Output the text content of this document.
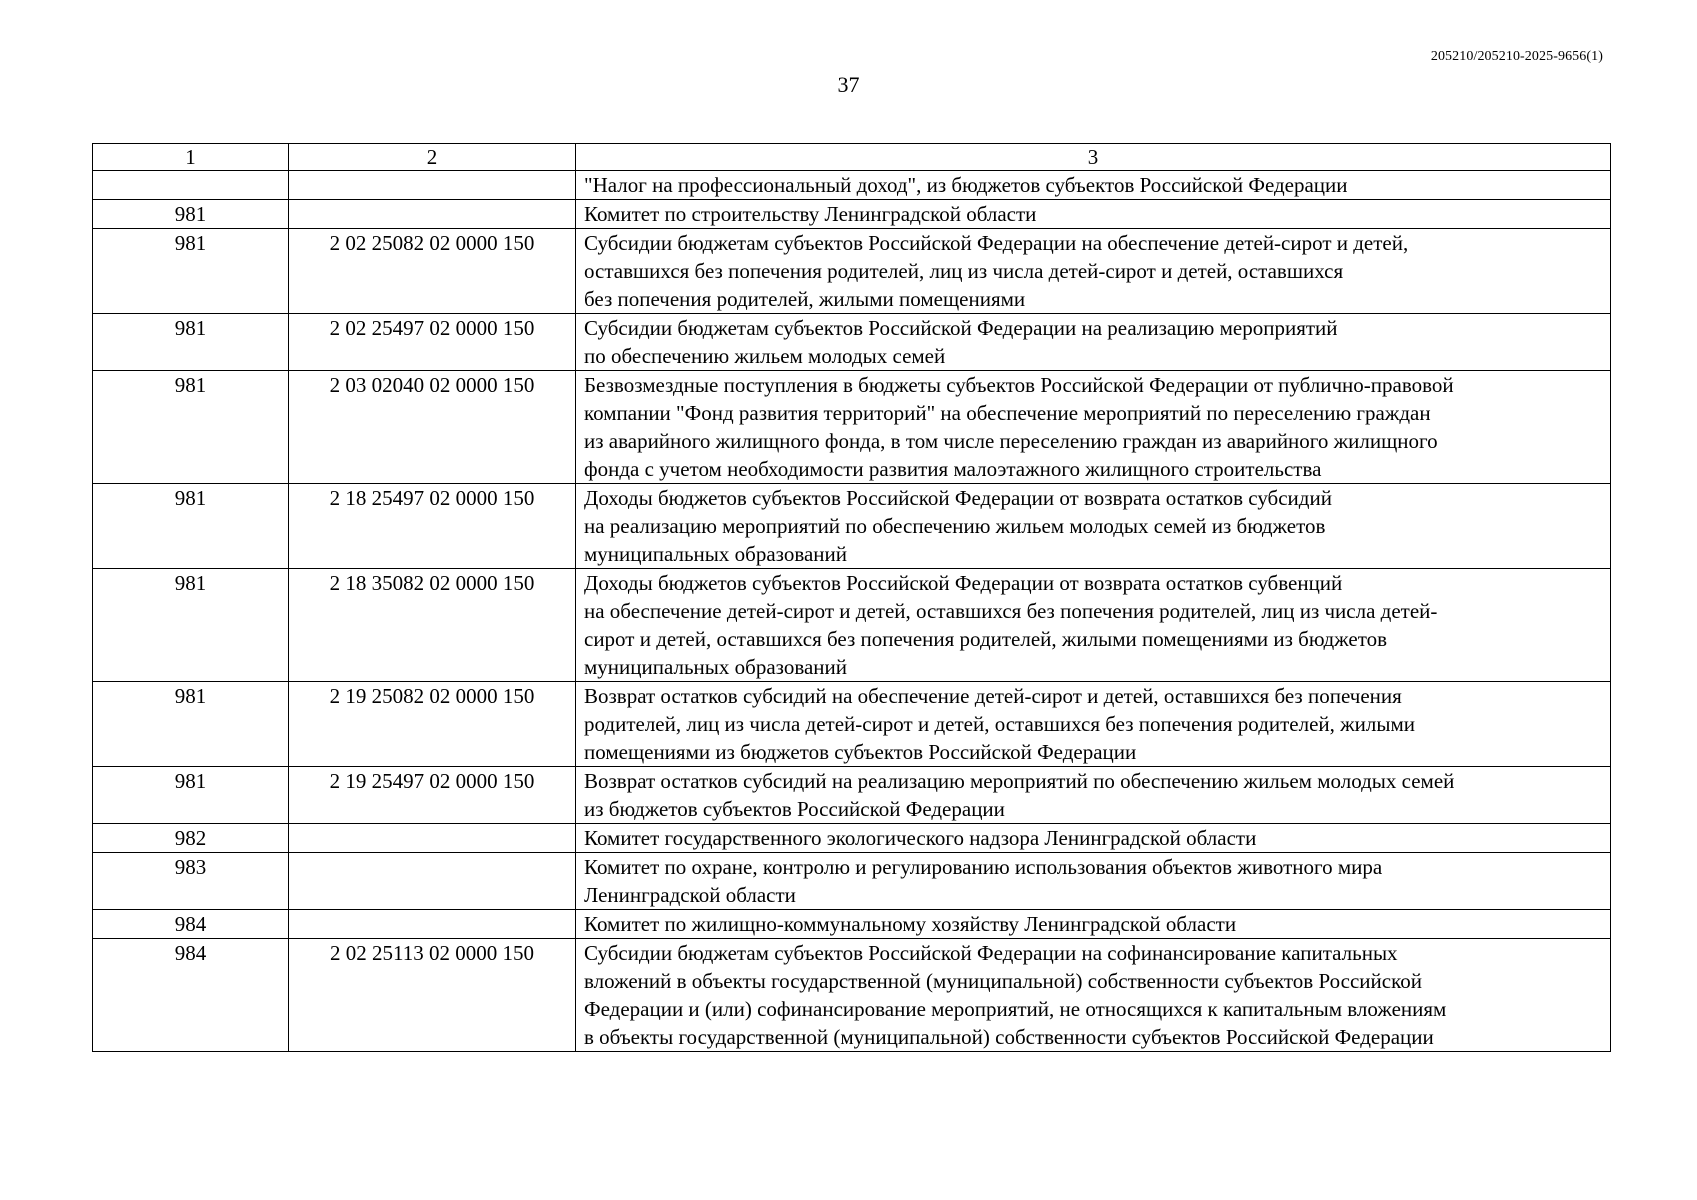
205210/205210-2025-9656(1)
37
1	2	3
		"Налог на профессиональный доход", из бюджетов субъектов Российской Федерации
981		Комитет по строительству Ленинградской области
981	2 02 25082 02 0000 150	Субсидии бюджетам субъектов Российской Федерации на обеспечение детей-сирот и детей,
оставшихся без попечения родителей, лиц из числа детей-сирот и детей, оставшихся
без попечения родителей, жилыми помещениями
981	2 02 25497 02 0000 150	Субсидии бюджетам субъектов Российской Федерации на реализацию мероприятий
по обеспечению жильем молодых семей
981	2 03 02040 02 0000 150	Безвозмездные поступления в бюджеты субъектов Российской Федерации от публично-правовой
компании "Фонд развития территорий" на обеспечение мероприятий по переселению граждан
из аварийного жилищного фонда, в том числе переселению граждан из аварийного жилищного
фонда с учетом необходимости развития малоэтажного жилищного строительства
981	2 18 25497 02 0000 150	Доходы бюджетов субъектов Российской Федерации от возврата остатков субсидий
на реализацию мероприятий по обеспечению жильем молодых семей из бюджетов
муниципальных образований
981	2 18 35082 02 0000 150	Доходы бюджетов субъектов Российской Федерации от возврата остатков субвенций
на обеспечение детей-сирот и детей, оставшихся без попечения родителей, лиц из числа детей-
сирот и детей, оставшихся без попечения родителей, жилыми помещениями из бюджетов
муниципальных образований
981	2 19 25082 02 0000 150	Возврат остатков субсидий на обеспечение детей-сирот и детей, оставшихся без попечения
родителей, лиц из числа детей-сирот и детей, оставшихся без попечения родителей, жилыми
помещениями из бюджетов субъектов Российской Федерации
981	2 19 25497 02 0000 150	Возврат остатков субсидий на реализацию мероприятий по обеспечению жильем молодых семей
из бюджетов субъектов Российской Федерации
982		Комитет государственного экологического надзора Ленинградской области
983		Комитет по охране, контролю и регулированию использования объектов животного мира
Ленинградской области
984		Комитет по жилищно-коммунальному хозяйству Ленинградской области
984	2 02 25113 02 0000 150	Субсидии бюджетам субъектов Российской Федерации на софинансирование капитальных
вложений в объекты государственной (муниципальной) собственности субъектов Российской
Федерации и (или) софинансирование мероприятий, не относящихся к капитальным вложениям
в объекты государственной (муниципальной) собственности субъектов Российской Федерации
